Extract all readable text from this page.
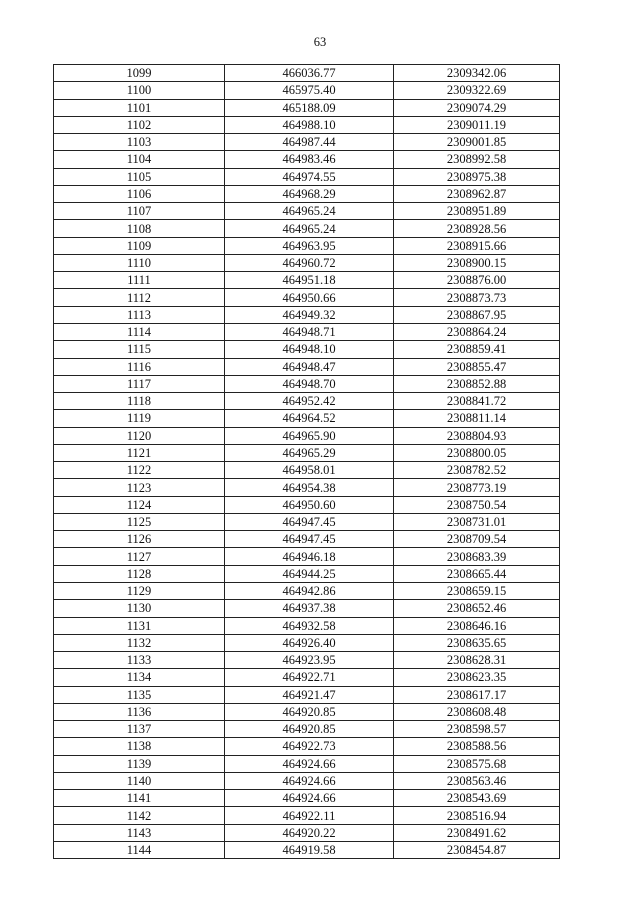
63
1099	466036.77	2309342.06
1100	465975.40	2309322.69
1101	465188.09	2309074.29
1102	464988.10	2309011.19
1103	464987.44	2309001.85
1104	464983.46	2308992.58
1105	464974.55	2308975.38
1106	464968.29	2308962.87
1107	464965.24	2308951.89
1108	464965.24	2308928.56
1109	464963.95	2308915.66
1110	464960.72	2308900.15
1111	464951.18	2308876.00
1112	464950.66	2308873.73
1113	464949.32	2308867.95
1114	464948.71	2308864.24
1115	464948.10	2308859.41
1116	464948.47	2308855.47
1117	464948.70	2308852.88
1118	464952.42	2308841.72
1119	464964.52	2308811.14
1120	464965.90	2308804.93
1121	464965.29	2308800.05
1122	464958.01	2308782.52
1123	464954.38	2308773.19
1124	464950.60	2308750.54
1125	464947.45	2308731.01
1126	464947.45	2308709.54
1127	464946.18	2308683.39
1128	464944.25	2308665.44
1129	464942.86	2308659.15
1130	464937.38	2308652.46
1131	464932.58	2308646.16
1132	464926.40	2308635.65
1133	464923.95	2308628.31
1134	464922.71	2308623.35
1135	464921.47	2308617.17
1136	464920.85	2308608.48
1137	464920.85	2308598.57
1138	464922.73	2308588.56
1139	464924.66	2308575.68
1140	464924.66	2308563.46
1141	464924.66	2308543.69
1142	464922.11	2308516.94
1143	464920.22	2308491.62
1144	464919.58	2308454.87
